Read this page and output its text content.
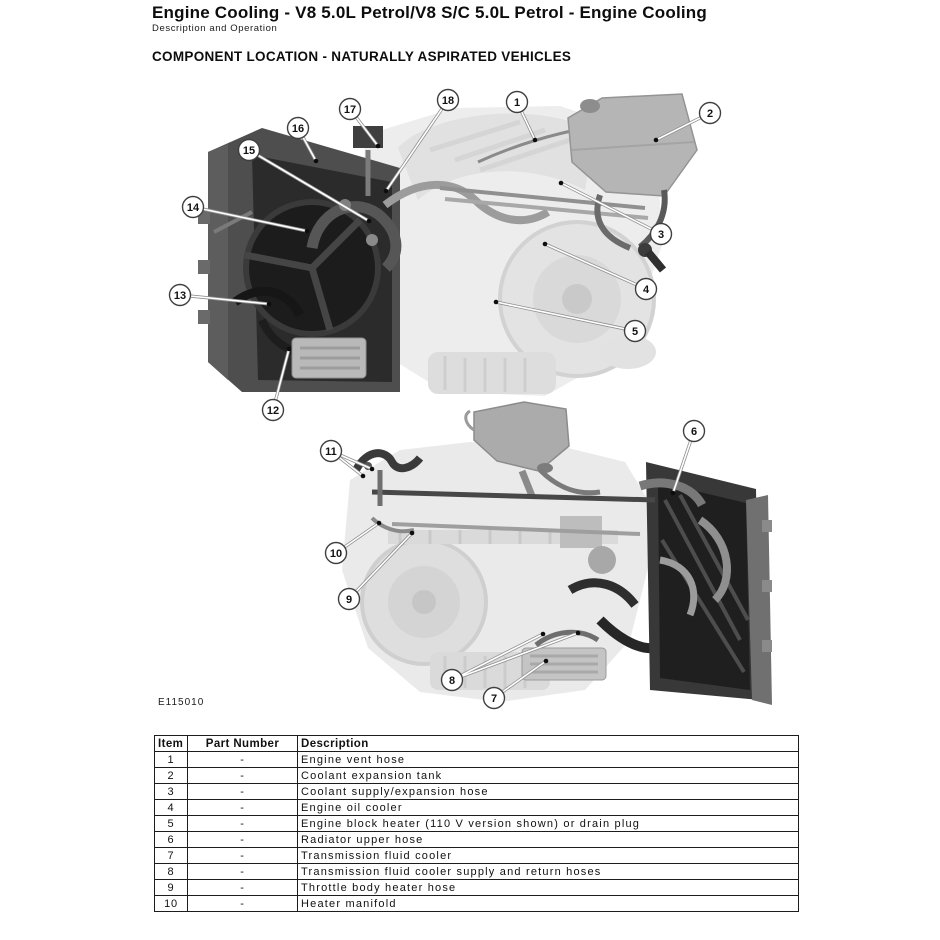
Engine Cooling - V8 5.0L Petrol/V8 S/C 5.0L Petrol - Engine Cooling
Description and Operation
COMPONENT LOCATION - NATURALLY ASPIRATED VEHICLES
1
2
3
4
5
6
7
8
9
10
11
12
13
14
15
16
17
18
E115010
Item	Part Number	Description
1	-	Engine vent hose
2	-	Coolant expansion tank
3	-	Coolant supply/expansion hose
4	-	Engine oil cooler
5	-	Engine block heater (110 V version shown) or drain plug
6	-	Radiator upper hose
7	-	Transmission fluid cooler
8	-	Transmission fluid cooler supply and return hoses
9	-	Throttle body heater hose
10	-	Heater manifold
